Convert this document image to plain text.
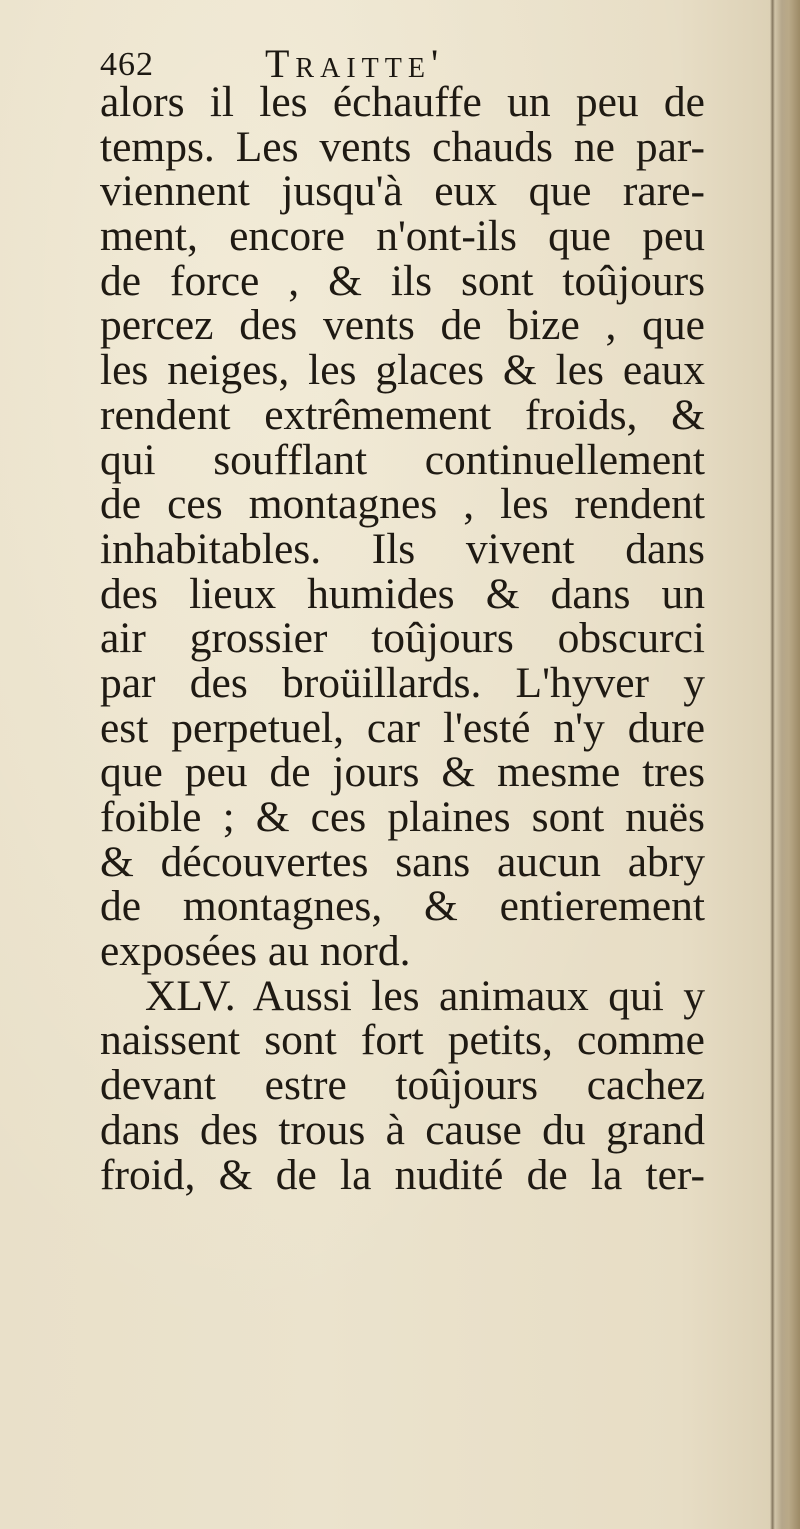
462	Traitte'
alors il les échauffe un peu de
temps. Les vents chauds ne par-
viennent jusqu'à eux que rare-
ment, encore n'ont-ils que peu
de force , & ils sont toûjours
percez des vents de bize , que
les neiges, les glaces & les eaux
rendent extrêmement froids, &
qui soufflant continuellement
de ces montagnes , les rendent
inhabitables. Ils vivent dans
des lieux humides & dans un
air grossier toûjours obscurci
par des broüillards. L'hyver y
est perpetuel, car l'esté n'y dure
que peu de jours & mesme tres
foible ; & ces plaines sont nuës
& découvertes sans aucun abry
de montagnes, & entierement
exposées au nord.
XLV. Aussi les animaux qui y
naissent sont fort petits, comme
devant estre toûjours cachez
dans des trous à cause du grand
froid, & de la nudité de la ter-
